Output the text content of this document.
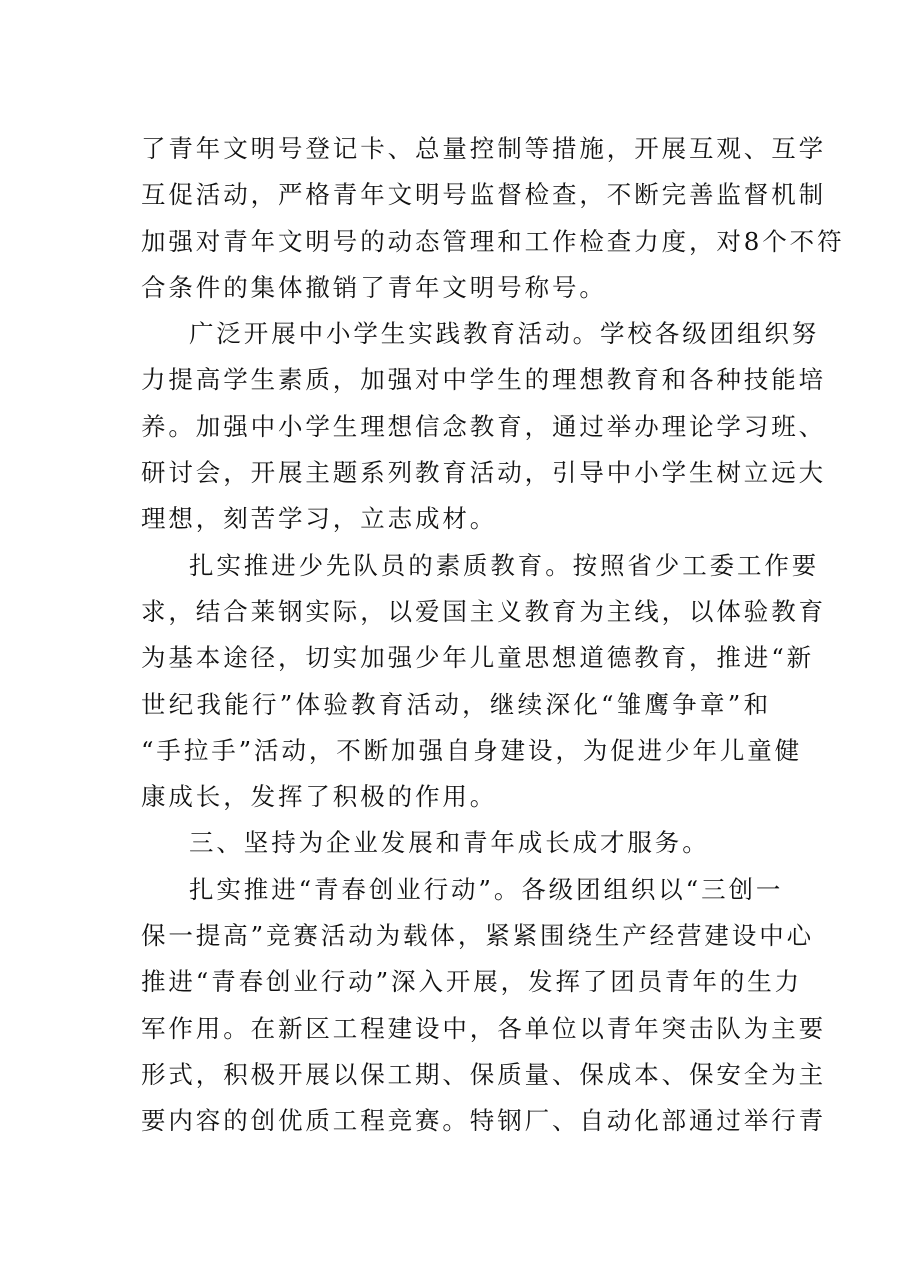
了青年文明号登记卡、总量控制等措施，开展互观、互学
互促活动，严格青年文明号监督检查，不断完善监督机制
加强对青年文明号的动态管理和工作检查力度，对8个不符
合条件的集体撤销了青年文明号称号。
广泛开展中小学生实践教育活动。学校各级团组织努
力提高学生素质，加强对中学生的理想教育和各种技能培
养。加强中小学生理想信念教育，通过举办理论学习班、
研讨会，开展主题系列教育活动，引导中小学生树立远大
理想，刻苦学习，立志成材。
扎实推进少先队员的素质教育。按照省少工委工作要
求，结合莱钢实际，以爱国主义教育为主线，以体验教育
为基本途径，切实加强少年儿童思想道德教育，推进“新
世纪我能行”体验教育活动，继续深化“雏鹰争章”和
“手拉手”活动，不断加强自身建设，为促进少年儿童健
康成长，发挥了积极的作用。
三、坚持为企业发展和青年成长成才服务。
扎实推进“青春创业行动”。各级团组织以“三创一
保一提高”竞赛活动为载体，紧紧围绕生产经营建设中心
推进“青春创业行动”深入开展，发挥了团员青年的生力
军作用。在新区工程建设中，各单位以青年突击队为主要
形式，积极开展以保工期、保质量、保成本、保安全为主
要内容的创优质工程竞赛。特钢厂、自动化部通过举行青
